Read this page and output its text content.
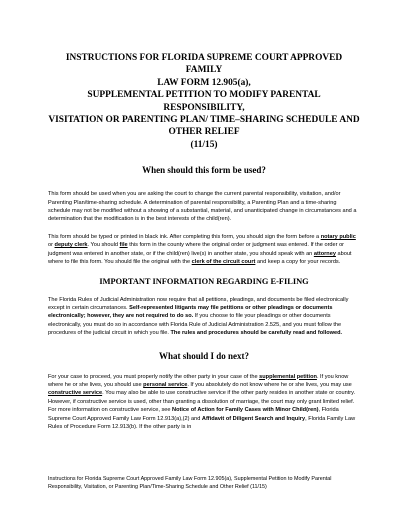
INSTRUCTIONS FOR FLORIDA SUPREME COURT APPROVED FAMILY

LAW FORM 12.905(a),

SUPPLEMENTAL PETITION TO MODIFY PARENTAL RESPONSIBILITY,

VISITATION OR PARENTING PLAN/ TIME–SHARING SCHEDULE AND

OTHER RELIEF

(11/15)

When should this form be used?

This form should be used when you are asking the court to change the current parental responsibility, visitation, and/or Parenting Plan/time-sharing schedule. A determination of parental responsibility, a Parenting Plan and a time-sharing schedule may not be modified without a showing of a substantial, material, and unanticipated change in circumstances and a determination that the modification is in the best interests of the child(ren).

This form should be typed or printed in black ink. After completing this form, you should sign the form before a notary public or deputy clerk. You should file this form in the county where the original order or judgment was entered. If the order or judgment was entered in another state, or if the child(ren) live(s) in another state, you should speak with an attorney about where to file this form. You should file the original with the clerk of the circuit court and keep a copy for your records.

IMPORTANT INFORMATION REGARDING E-FILING

The Florida Rules of Judicial Administration now require that all petitions, pleadings, and documents be filed electronically except in certain circumstances. Self-represented litigants may file petitions or other pleadings or documents electronically; however, they are not required to do so. If you choose to file your pleadings or other documents electronically, you must do so in accordance with Florida Rule of Judicial Administration 2.525, and you must follow the procedures of the judicial circuit in which you file. The rules and procedures should be carefully read and followed.

What should I do next?

For your case to proceed, you must properly notify the other party in your case of the supplemental petition. If you know where he or she lives, you should use personal service. If you absolutely do not know where he or she lives, you may use constructive service. You may also be able to use constructive service if the other party resides in another state or country. However, if constructive service is used, other than granting a dissolution of marriage, the court may only grant limited relief. For more information on constructive service, see Notice of Action for Family Cases with Minor Child(ren), Florida Supreme Court Approved Family Law Form 12.913(a),(2) and Affidavit of Diligent Search and Inquiry, Florida Family Law Rules of Procedure Form 12.913(b). If the other party is in

Instructions for Florida Supreme Court Approved Family Law Form 12.905(a), Supplemental Petition to Modify Parental Responsibility, Visitation, or Parenting Plan/Time-Sharing Schedule and Other Relief (11/15)
